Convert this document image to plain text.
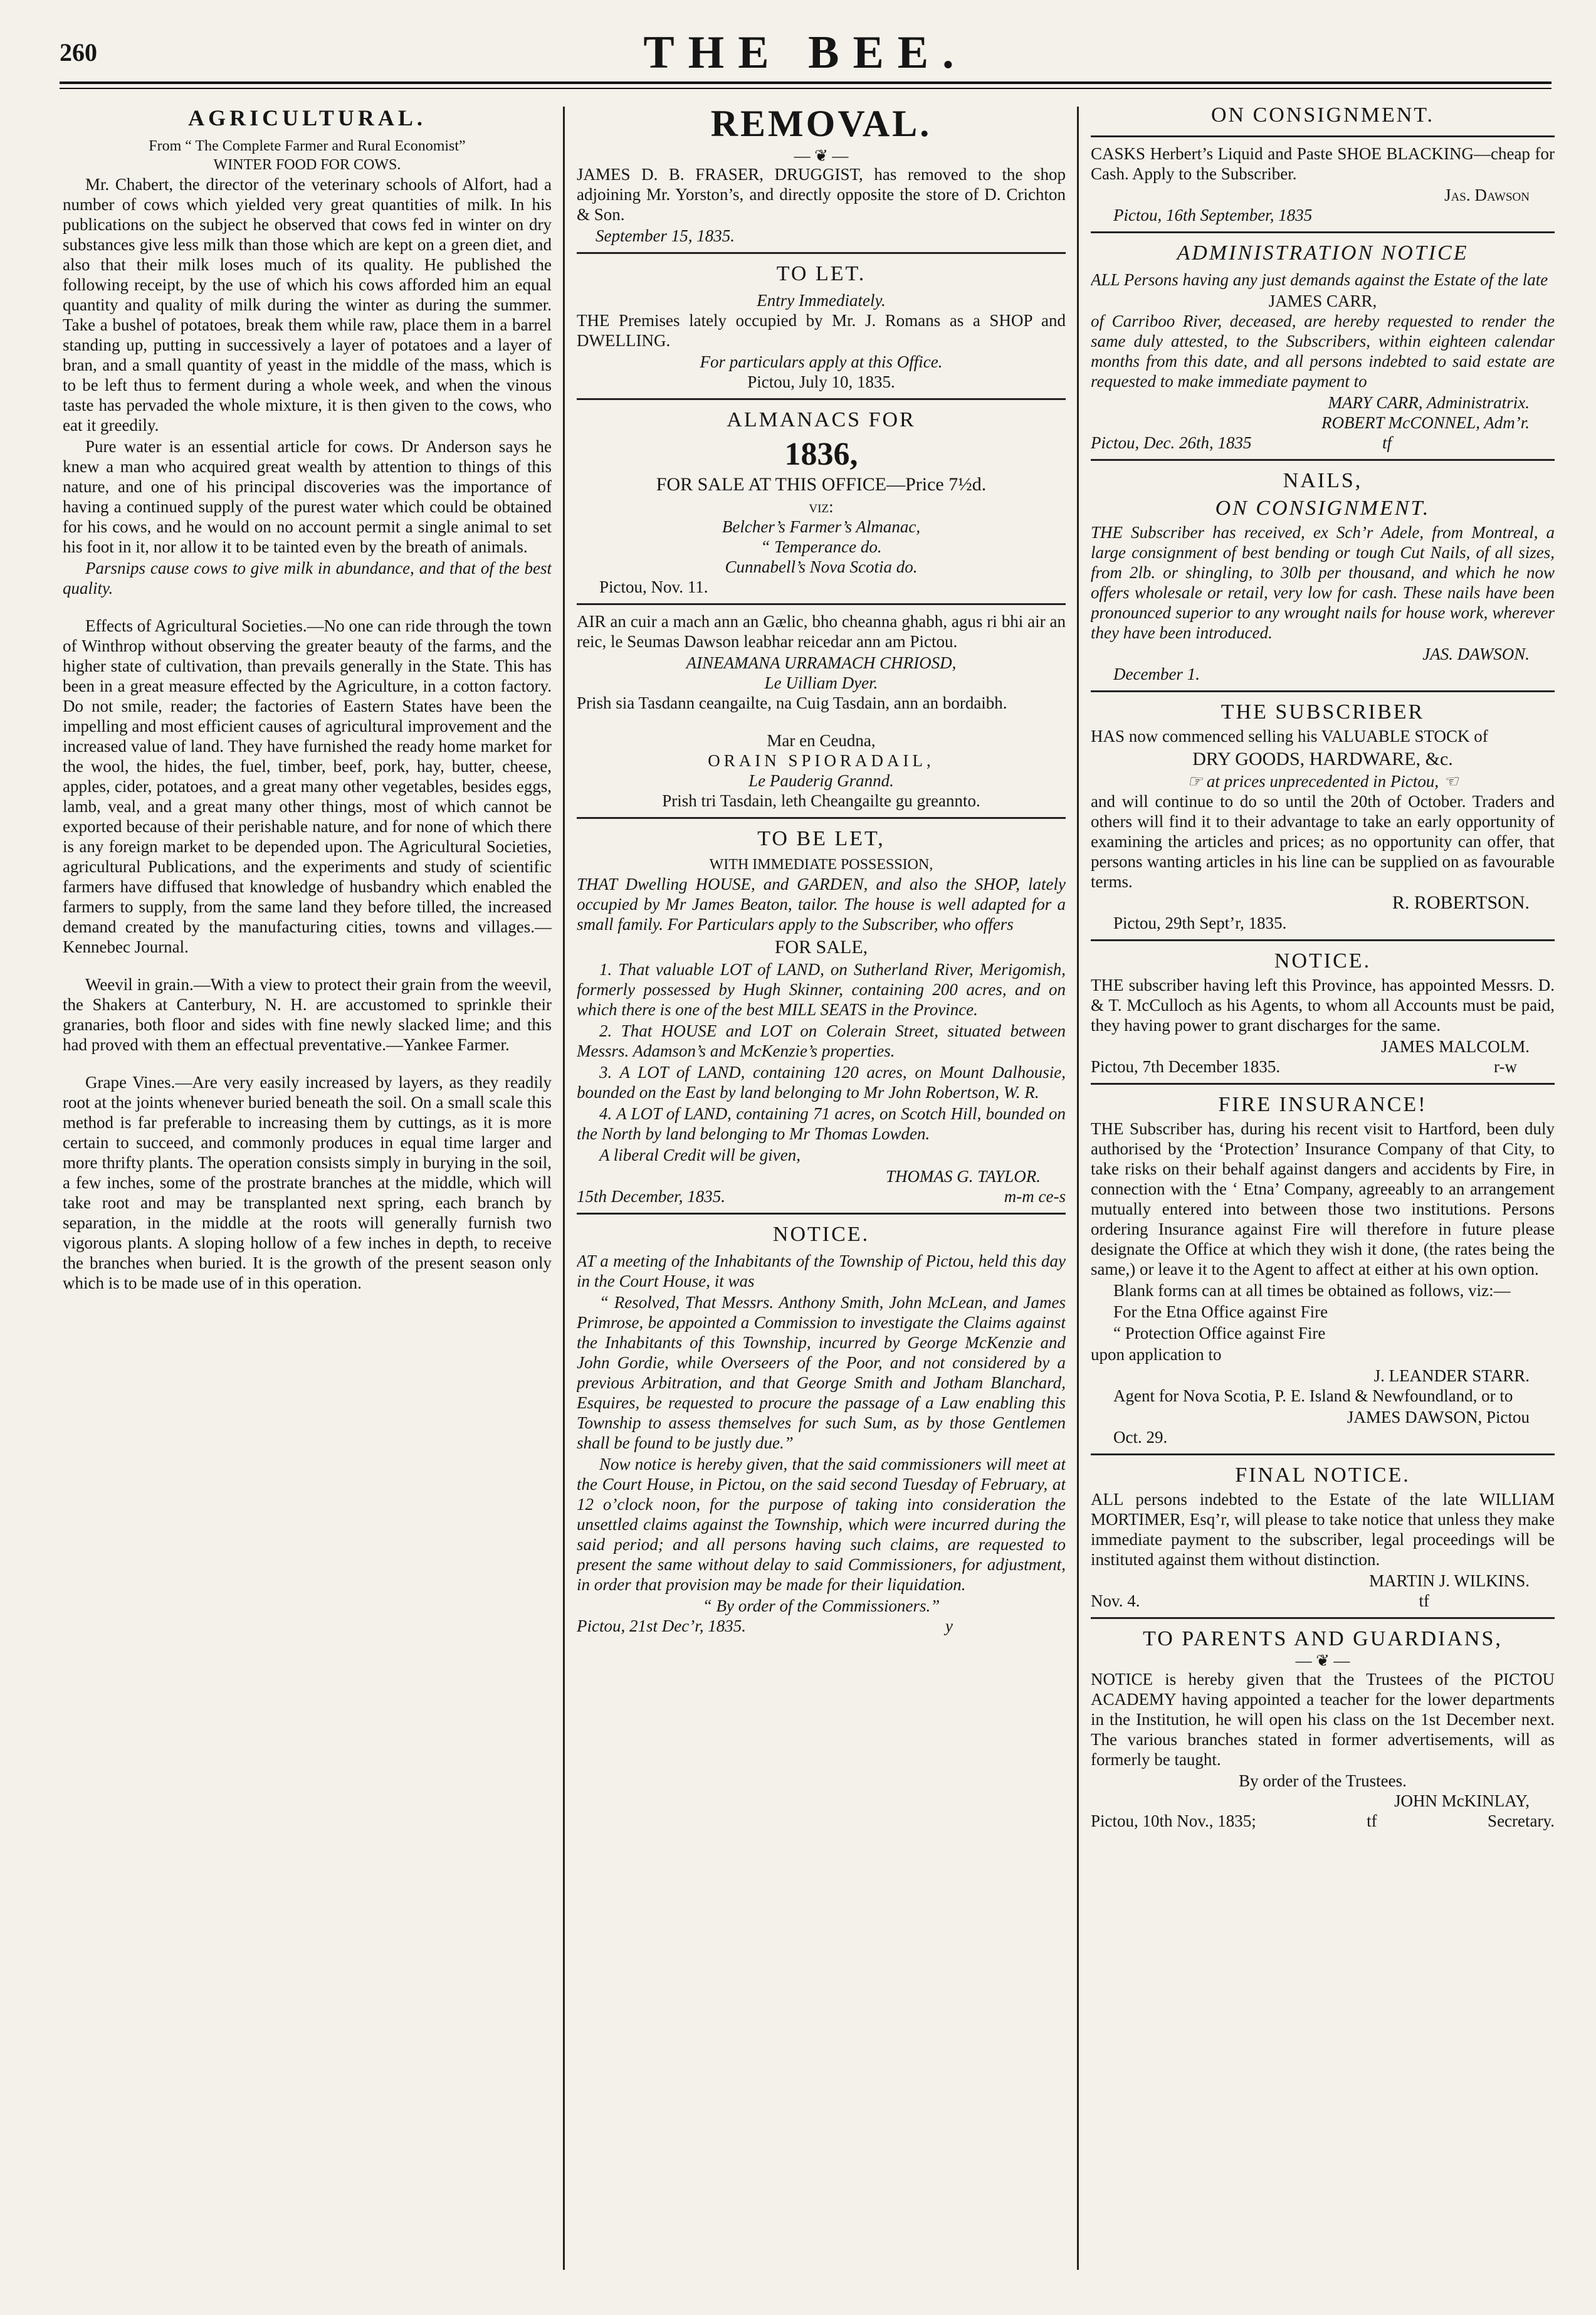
260	THE BEE.
AGRICULTURAL.
From “ The Complete Farmer and Rural Economist”
WINTER FOOD FOR COWS.

Mr. Chabert, the director of the veterinary schools of Alfort, had a number of cows which yielded very great quantities of milk. In his publications on the subject he observed that cows fed in winter on dry substances give less milk than those which are kept on a green diet, and also that their milk loses much of its quality. He published the following receipt, by the use of which his cows afforded him an equal quantity and quality of milk during the winter as during the summer. Take a bushel of potatoes, break them while raw, place them in a barrel standing up, putting in successively a layer of potatoes and a layer of bran, and a small quantity of yeast in the middle of the mass, which is to be left thus to ferment during a whole week, and when the vinous taste has pervaded the whole mixture, it is then given to the cows, who eat it greedily.

Pure water is an essential article for cows. Dr Anderson says he knew a man who acquired great wealth by attention to things of this nature, and one of his principal discoveries was the importance of having a continued supply of the purest water which could be obtained for his cows, and he would on no account permit a single animal to set his foot in it, nor allow it to be tainted even by the breath of animals.

Parsnips cause cows to give milk in abundance, and that of the best quality.

Effects of Agricultural Societies.—No one can ride through the town of Winthrop without observing the greater beauty of the farms, and the higher state of cultivation, than prevails generally in the State. This has been in a great measure effected by the Agriculture, in a cotton factory. Do not smile, reader; the factories of Eastern States have been the impelling and most efficient causes of agricultural improvement and the increased value of land. They have furnished the ready home market for the wool, the hides, the fuel, timber, beef, pork, hay, butter, cheese, apples, cider, potatoes, and a great many other vegetables, besides eggs, lamb, veal, and a great many other things, most of which cannot be exported because of their perishable nature, and for none of which there is any foreign market to be depended upon. The Agricultural Societies, agricultural Publications, and the experiments and study of scientific farmers have diffused that knowledge of husbandry which enabled the farmers to supply, from the same land they before tilled, the increased demand created by the manufacturing cities, towns and villages.—Kennebec Journal.

Weevil in grain.—With a view to protect their grain from the weevil, the Shakers at Canterbury, N. H. are accustomed to sprinkle their granaries, both floor and sides with fine newly slacked lime; and this had proved with them an effectual preventative.—Yankee Farmer.

Grape Vines.—Are very easily increased by layers, as they readily root at the joints whenever buried beneath the soil. On a small scale this method is far preferable to increasing them by cuttings, as it is more certain to succeed, and commonly produces in equal time larger and more thrifty plants. The operation consists simply in burying in the soil, a few inches, some of the prostrate branches at the middle, which will take root and may be transplanted next spring, each branch by separation, in the middle at the roots will generally furnish two vigorous plants. A sloping hollow of a few inches in depth, to receive the branches when buried. It is the growth of the present season only which is to be made use of in this operation.

REMOVAL.
— ❦ —

JAMES D. B. FRASER, DRUGGIST, has removed to the shop adjoining Mr. Yorston’s, and directly opposite the store of D. Crichton & Son.

September 15, 1835.

TO LET.
Entry Immediately.

THE Premises lately occupied by Mr. J. Romans as a SHOP and DWELLING.

For particulars apply at this Office.
Pictou, July 10, 1835.
ALMANACS FOR
1836,
FOR SALE AT THIS OFFICE—Price 7½d.
viz:
Belcher’s Farmer’s Almanac,
“ Temperance do.
Cunnabell’s Nova Scotia do.

Pictou, Nov. 11.

AIR an cuir a mach ann an Gælic, bho cheanna ghabh, agus ri bhi air an reic, le Seumas Dawson leabhar reicedar ann am Pictou.

AINEAMANA URRAMACH CHRIOSD,
Le Uilliam Dyer.

Prish sia Tasdann ceangailte, na Cuig Tasdain, ann an bordaibh.

Mar en Ceudna,
ORAIN SPIORADAIL,
Le Pauderig Grannd.
Prish tri Tasdain, leth Cheangailte gu greannto.
TO BE LET,
WITH IMMEDIATE POSSESSION,

THAT Dwelling HOUSE, and GARDEN, and also the SHOP, lately occupied by Mr James Beaton, tailor. The house is well adapted for a small family. For Particulars apply to the Subscriber, who offers

FOR SALE,

1. That valuable LOT of LAND, on Sutherland River, Merigomish, formerly possessed by Hugh Skinner, containing 200 acres, and on which there is one of the best MILL SEATS in the Province.

2. That HOUSE and LOT on Colerain Street, situated between Messrs. Adamson’s and McKenzie’s properties.

3. A LOT of LAND, containing 120 acres, on Mount Dalhousie, bounded on the East by land belonging to Mr John Robertson, W. R.

4. A LOT of LAND, containing 71 acres, on Scotch Hill, bounded on the North by land belonging to Mr Thomas Lowden.

A liberal Credit will be given,

THOMAS G. TAYLOR.
15th December, 1835.	m-m ce-s
NOTICE.

AT a meeting of the Inhabitants of the Township of Pictou, held this day in the Court House, it was

“ Resolved, That Messrs. Anthony Smith, John McLean, and James Primrose, be appointed a Commission to investigate the Claims against the Inhabitants of this Township, incurred by George McKenzie and John Gordie, while Overseers of the Poor, and not considered by a previous Arbitration, and that George Smith and Jotham Blanchard, Esquires, be requested to procure the passage of a Law enabling this Township to assess themselves for such Sum, as by those Gentlemen shall be found to be justly due.”

Now notice is hereby given, that the said commissioners will meet at the Court House, in Pictou, on the said second Tuesday of February, at 12 o’clock noon, for the purpose of taking into consideration the unsettled claims against the Township, which were incurred during the said period; and all persons having such claims, are requested to present the same without delay to said Commissioners, for adjustment, in order that provision may be made for their liquidation.

“ By order of the Commissioners.”
Pictou, 21st Dec’r, 1835.	y
ON CONSIGNMENT.

CASKS Herbert’s Liquid and Paste SHOE BLACKING—cheap for Cash. Apply to the Subscriber.

Jas. Dawson

Pictou, 16th September, 1835

ADMINISTRATION NOTICE

ALL Persons having any just demands against the Estate of the late

JAMES CARR,

of Carriboo River, deceased, are hereby requested to render the same duly attested, to the Subscribers, within eighteen calendar months from this date, and all persons indebted to said estate are requested to make immediate payment to

MARY CARR, Administratrix.
ROBERT McCONNEL, Adm’r.
Pictou, Dec. 26th, 1835	tf
NAILS,
ON CONSIGNMENT.

THE Subscriber has received, ex Sch’r Adele, from Montreal, a large consignment of best bending or tough Cut Nails, of all sizes, from 2lb. or shingling, to 30lb per thousand, and which he now offers wholesale or retail, very low for cash. These nails have been pronounced superior to any wrought nails for house work, wherever they have been introduced.

JAS. DAWSON.

December 1.

THE SUBSCRIBER

HAS now commenced selling his VALUABLE STOCK of

DRY GOODS, HARDWARE, &c.
☞ at prices unprecedented in Pictou, ☜

and will continue to do so until the 20th of October. Traders and others will find it to their advantage to take an early opportunity of examining the articles and prices; as no opportunity can offer, that persons wanting articles in his line can be supplied on as favourable terms.

R. ROBERTSON.

Pictou, 29th Sept’r, 1835.

NOTICE.

THE subscriber having left this Province, has appointed Messrs. D. & T. McCulloch as his Agents, to whom all Accounts must be paid, they having power to grant discharges for the same.

JAMES MALCOLM.
Pictou, 7th December 1835.	r-w
FIRE INSURANCE!

THE Subscriber has, during his recent visit to Hartford, been duly authorised by the ‘Protection’ Insurance Company of that City, to take risks on their behalf against dangers and accidents by Fire, in connection with the ‘ Etna’ Company, agreeably to an arrangement mutually entered into between those two institutions. Persons ordering Insurance against Fire will therefore in future please designate the Office at which they wish it done, (the rates being the same,) or leave it to the Agent to affect at either at his own option.

Blank forms can at all times be obtained as follows, viz:—

For the Etna Office against Fire

“ Protection Office against Fire

upon application to

J. LEANDER STARR.

Agent for Nova Scotia, P. E. Island & Newfoundland, or to

JAMES DAWSON, Pictou

Oct. 29.

FINAL NOTICE.

ALL persons indebted to the Estate of the late WILLIAM MORTIMER, Esq’r, will please to take notice that unless they make immediate payment to the subscriber, legal proceedings will be instituted against them without distinction.

MARTIN J. WILKINS.
Nov. 4.	tf
TO PARENTS AND GUARDIANS,
— ❦ —

NOTICE is hereby given that the Trustees of the PICTOU ACADEMY having appointed a teacher for the lower departments in the Institution, he will open his class on the 1st December next. The various branches stated in former advertisements, will as formerly be taught.

By order of the Trustees.
JOHN McKINLAY,
Pictou, 10th Nov., 1835;	tf	Secretary.
